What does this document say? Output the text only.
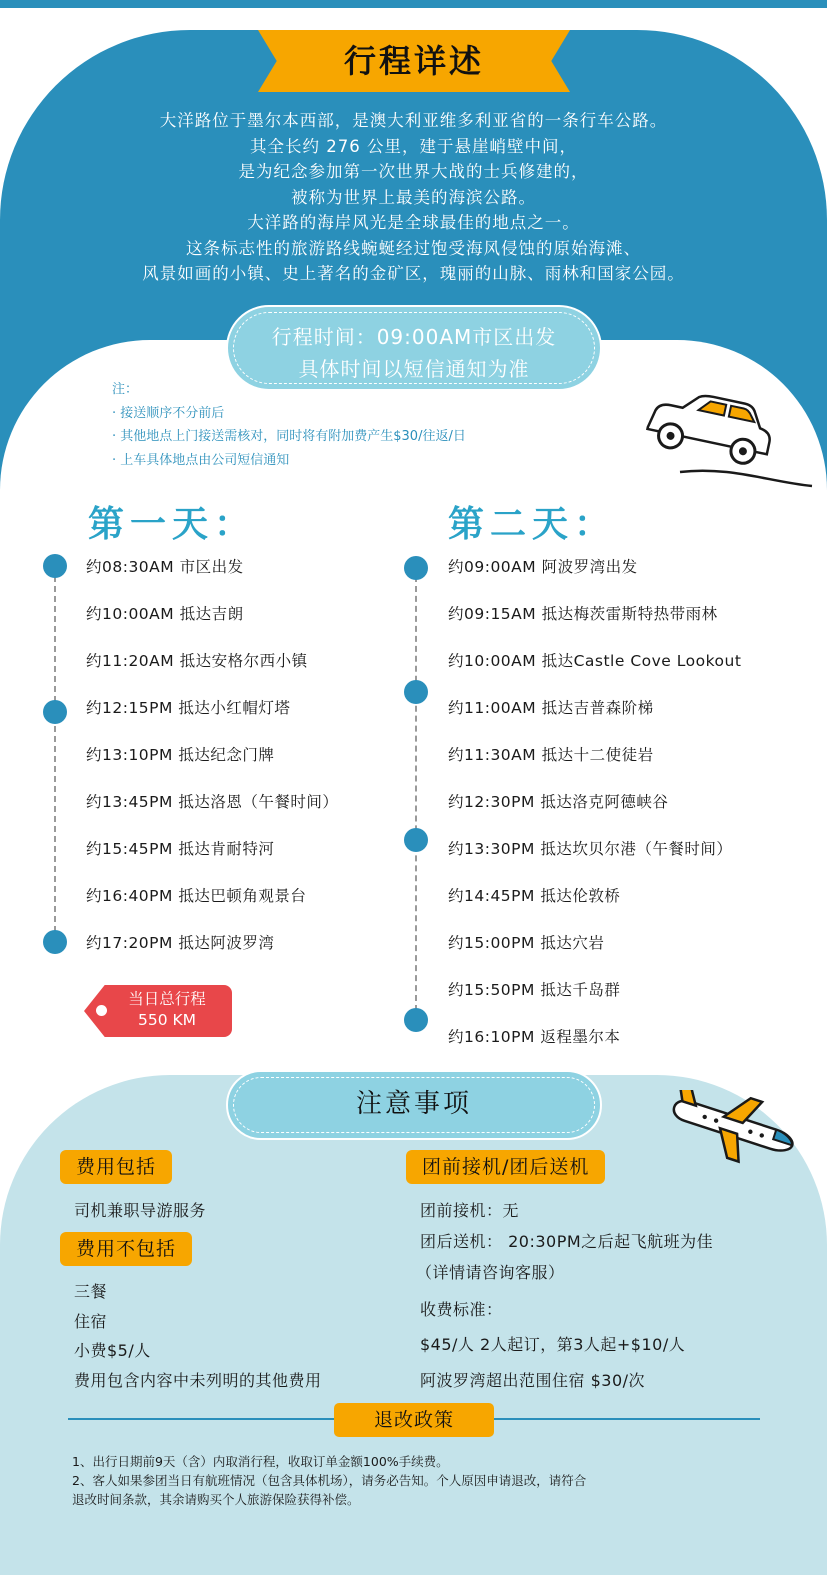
行程详述
大洋路位于墨尔本西部，是澳大利亚维多利亚省的一条行车公路。
其全长约 276 公里，建于悬崖峭壁中间，
是为纪念参加第一次世界大战的士兵修建的，
被称为世界上最美的海滨公路。
大洋路的海岸风光是全球最佳的地点之一。
这条标志性的旅游路线蜿蜒经过饱受海风侵蚀的原始海滩、
风景如画的小镇、史上著名的金矿区，瑰丽的山脉、雨林和国家公园。
行程时间：09:00AM市区出发
具体时间以短信通知为准
注：
· 接送顺序不分前后
· 其他地点上门接送需核对，同时将有附加费产生$30/往返/日
· 上车具体地点由公司短信通知
第一天：
约08:30AM 市区出发
约10:00AM 抵达吉朗
约11:20AM 抵达安格尔西小镇
约12:15PM 抵达小红帽灯塔
约13:10PM 抵达纪念门牌
约13:45PM 抵达洛恩（午餐时间）
约15:45PM 抵达肯耐特河
约16:40PM 抵达巴顿角观景台
约17:20PM 抵达阿波罗湾
当日总行程
550 KM
第二天：
约09:00AM 阿波罗湾出发
约09:15AM 抵达梅茨雷斯特热带雨林
约10:00AM 抵达Castle Cove Lookout
约11:00AM 抵达吉普森阶梯
约11:30AM 抵达十二使徒岩
约12:30PM 抵达洛克阿德峡谷
约13:30PM 抵达坎贝尔港（午餐时间）
约14:45PM 抵达伦敦桥
约15:00PM 抵达穴岩
约15:50PM 抵达千岛群
约16:10PM 返程墨尔本
注意事项
费用包括
司机兼职导游服务
费用不包括
三餐
住宿
小费$5/人
费用包含内容中未列明的其他费用
团前接机/团后送机
团前接机：无
团后送机： 20:30PM之后起飞航班为佳
（详情请咨询客服）
收费标准：
$45/人 2人起订，第3人起+$10/人
阿波罗湾超出范围住宿 $30/次
退改政策
1、出行日期前9天（含）内取消行程，收取订单金额100%手续费。
2、客人如果参团当日有航班情况（包含具体机场），请务必告知。个人原因申请退改，请符合
退改时间条款，其余请购买个人旅游保险获得补偿。
